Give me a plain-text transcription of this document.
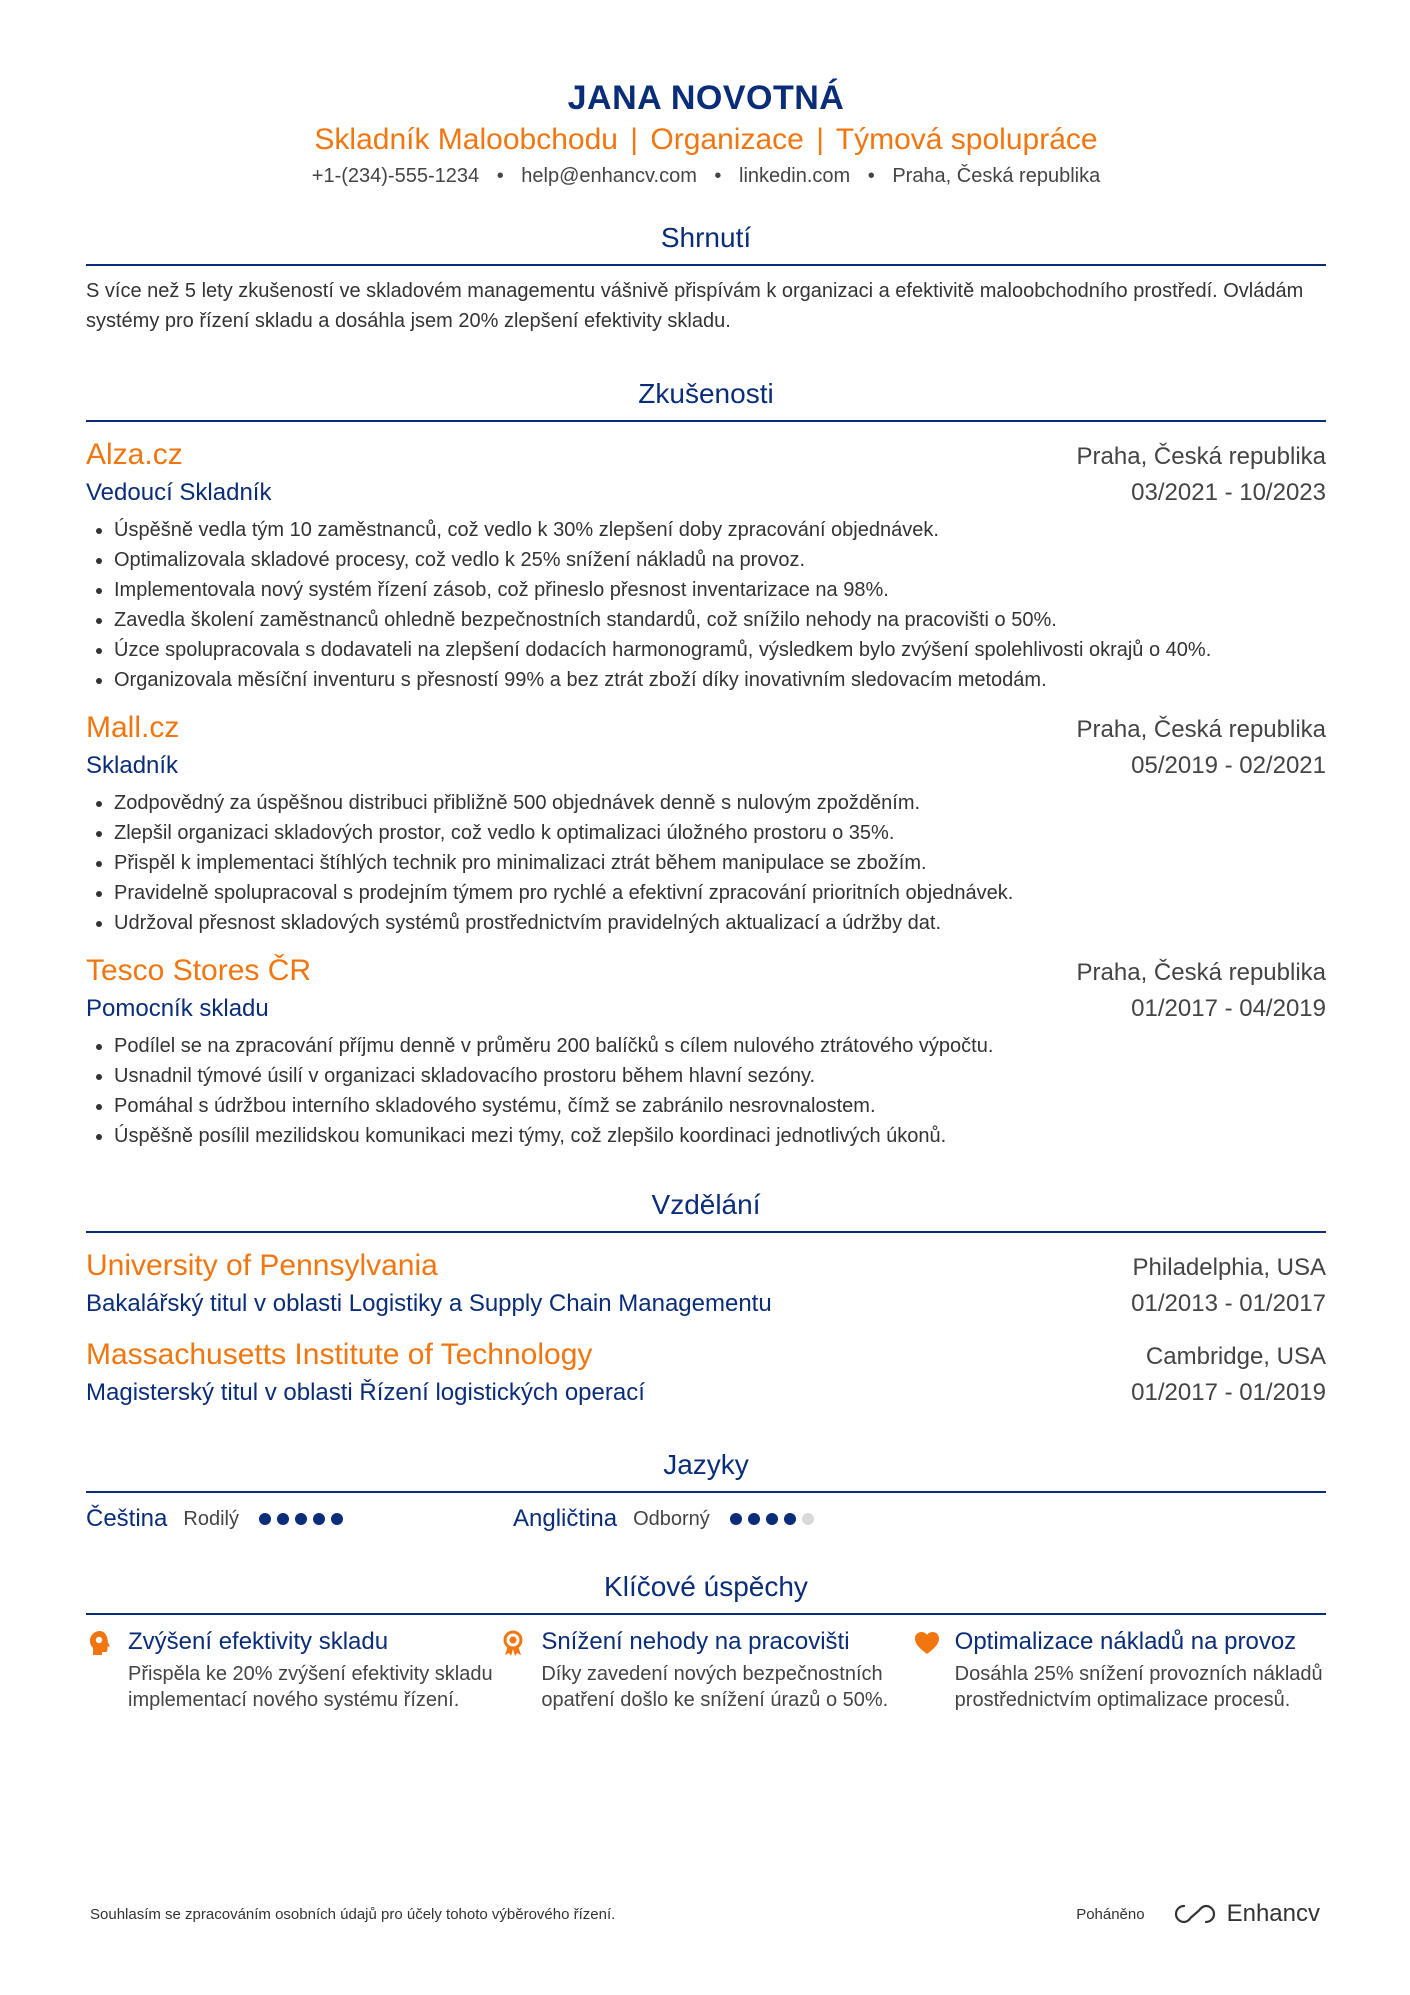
JANA NOVOTNÁ
Skladník Maloobchodu | Organizace | Týmová spolupráce
+1-(234)-555-1234 • help@enhancv.com • linkedin.com • Praha, Česká republika
Shrnutí
S více než 5 lety zkušeností ve skladovém managementu vášnivě přispívám k organizaci a efektivitě maloobchodního prostředí. Ovládám systémy pro řízení skladu a dosáhla jsem 20% zlepšení efektivity skladu.
Zkušenosti
Alza.cz	Praha, Česká republika
Vedoucí Skladník	03/2021 - 10/2023
• Úspěšně vedla tým 10 zaměstnanců, což vedlo k 30% zlepšení doby zpracování objednávek.
• Optimalizovala skladové procesy, což vedlo k 25% snížení nákladů na provoz.
• Implementovala nový systém řízení zásob, což přineslo přesnost inventarizace na 98%.
• Zavedla školení zaměstnanců ohledně bezpečnostních standardů, což snížilo nehody na pracovišti o 50%.
• Úzce spolupracovala s dodavateli na zlepšení dodacích harmonogramů, výsledkem bylo zvýšení spolehlivosti okrajů o 40%.
• Organizovala měsíční inventuru s přesností 99% a bez ztrát zboží díky inovativním sledovacím metodám.
Mall.cz	Praha, Česká republika
Skladník	05/2019 - 02/2021
• Zodpovědný za úspěšnou distribuci přibližně 500 objednávek denně s nulovým zpožděním.
• Zlepšil organizaci skladových prostor, což vedlo k optimalizaci úložného prostoru o 35%.
• Přispěl k implementaci štíhlých technik pro minimalizaci ztrát během manipulace se zbožím.
• Pravidelně spolupracoval s prodejním týmem pro rychlé a efektivní zpracování prioritních objednávek.
• Udržoval přesnost skladových systémů prostřednictvím pravidelných aktualizací a údržby dat.
Tesco Stores ČR	Praha, Česká republika
Pomocník skladu	01/2017 - 04/2019
• Podílel se na zpracování příjmu denně v průměru 200 balíčků s cílem nulového ztrátového výpočtu.
• Usnadnil týmové úsilí v organizaci skladovacího prostoru během hlavní sezóny.
• Pomáhal s údržbou interního skladového systému, čímž se zabránilo nesrovnalostem.
• Úspěšně posílil mezilidskou komunikaci mezi týmy, což zlepšilo koordinaci jednotlivých úkonů.
Vzdělání
University of Pennsylvania	Philadelphia, USA
Bakalářský titul v oblasti Logistiky a Supply Chain Managementu	01/2013 - 01/2017
Massachusetts Institute of Technology	Cambridge, USA
Magisterský titul v oblasti Řízení logistických operací	01/2017 - 01/2019
Jazyky
Čeština Rodilý	Angličtina Odborný
Klíčové úspěchy
Zvýšení efektivity skladu
Přispěla ke 20% zvýšení efektivity skladu implementací nového systému řízení.
Snížení nehody na pracovišti
Díky zavedení nových bezpečnostních opatření došlo ke snížení úrazů o 50%.
Optimalizace nákladů na provoz
Dosáhla 25% snížení provozních nákladů prostřednictvím optimalizace procesů.
Souhlasím se zpracováním osobních údajů pro účely tohoto výběrového řízení.	Poháněno	Enhancv
